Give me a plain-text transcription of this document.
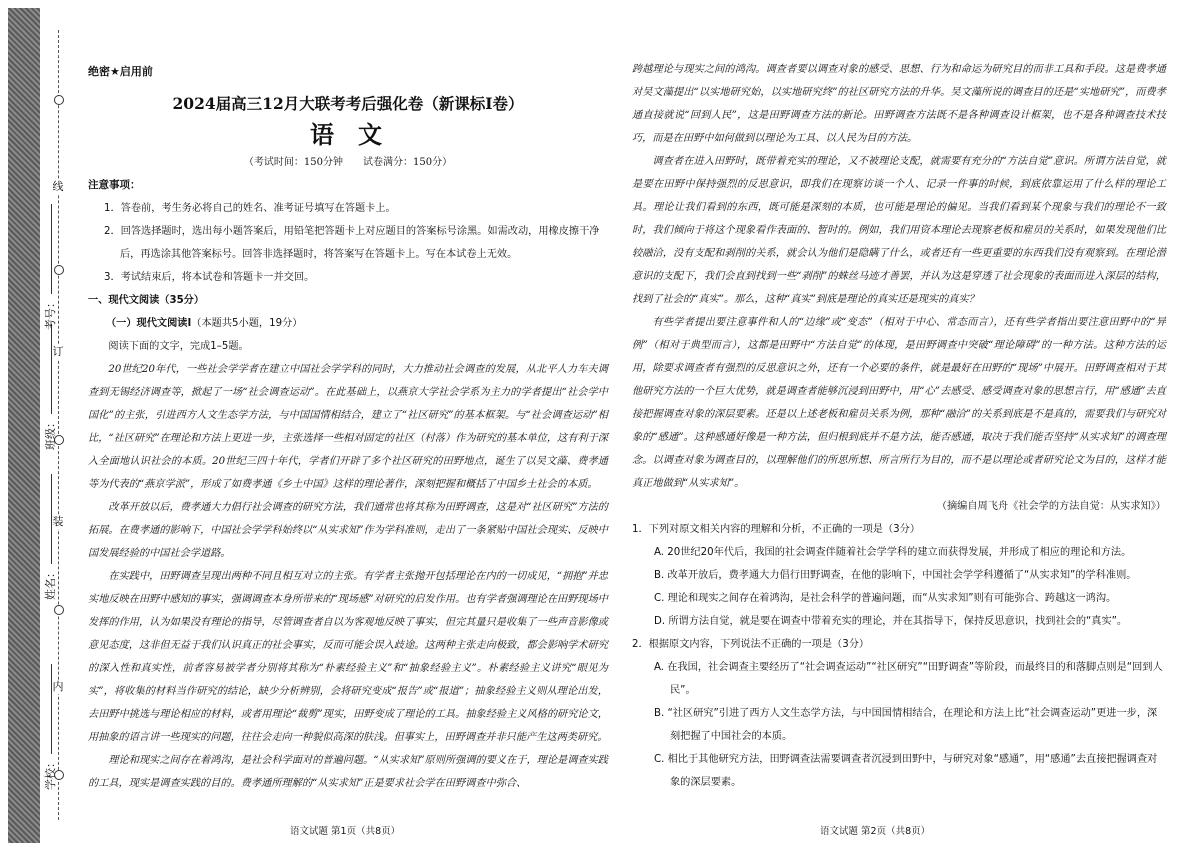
线
订
装
内
学校：
姓名：
班级：
考号：

绝密★启用前

2024届高三12月大联考考后强化卷（新课标I卷）

语文

（考试时间：150分钟　　试卷满分：150分）

注意事项：

1．答卷前，考生务必将自己的姓名、准考证号填写在答题卡上。

2．回答选择题时，选出每小题答案后，用铅笔把答题卡上对应题目的答案标号涂黑。如需改动，用橡皮擦干净后，再选涂其他答案标号。回答非选择题时，将答案写在答题卡上。写在本试卷上无效。

3．考试结束后，将本试卷和答题卡一并交回。

一、现代文阅读（35分）

（一）现代文阅读Ⅰ（本题共5小题，19分）

阅读下面的文字，完成1–5题。

20世纪20年代，一些社会学学者在建立中国社会学学科的同时，大力推动社会调查的发展，从北平人力车夫调查到无锡经济调查等，掀起了一场“社会调查运动”。在此基础上，以燕京大学社会学系为主力的学者提出“社会学中国化”的主张，引进西方人文生态学方法，与中国国情相结合，建立了“社区研究”的基本框架。与“社会调查运动”相比，“社区研究”在理论和方法上更进一步，主张选择一些相对固定的社区（村落）作为研究的基本单位，这有利于深入全面地认识社会的本质。20世纪三四十年代，学者们开辟了多个社区研究的田野地点，诞生了以吴文藻、费孝通等为代表的“燕京学派”，形成了如费孝通《乡土中国》这样的理论著作，深刻把握和概括了中国乡土社会的本质。

改革开放以后，费孝通大力倡行社会调查的研究方法，我们通常也将其称为田野调查，这是对“社区研究”方法的拓展。在费孝通的影响下，中国社会学学科始终以“从实求知”作为学科准则，走出了一条紧贴中国社会现实、反映中国发展经验的中国社会学道路。

在实践中，田野调查呈现出两种不同且相互对立的主张。有学者主张抛开包括理论在内的一切成见，“拥抱”并忠实地反映在田野中感知的事实，强调调查本身所带来的“现场感”对研究的启发作用。也有学者强调理论在田野现场中发挥的作用，认为如果没有理论的指导，尽管调查者自以为客观地反映了事实，但完其量只是收集了一些声音影像或意见态度，这非但无益于我们认识真正的社会事实，反而可能会误入歧途。这两种主张走向极致，都会影响学术研究的深入性和真实性，前者容易被学者分别将其称为“朴素经验主义”和“抽象经验主义”。朴素经验主义讲究“眼见为实”，将收集的材料当作研究的结论，缺少分析辨别，会将研究变成“报告”或“报道”；抽象经验主义则从理论出发，去田野中挑选与理论相应的材料，或者用理论“裁剪”现实，田野变成了理论的工具。抽象经验主义风格的研究论文，用抽象的语言讲一些现实的问题，往往会走向一种貌似高深的肤浅。但事实上，田野调查并非只能产生这两类研究。

理论和现实之间存在着鸿沟，是社会科学面对的普遍问题。“从实求知”原则所强调的要义在于，理论是调查实践的工具，现实是调查实践的目的。费孝通所理解的“从实求知”正是要求社会学在田野调查中弥合、

语文试题 第1页（共8页）

跨越理论与现实之间的鸿沟。调查者要以调查对象的感受、思想、行为和命运为研究目的而非工具和手段。这是费孝通对吴文藻提出“以实地研究始，以实地研究终”的社区研究方法的升华。吴文藻所说的调查目的还是“实地研究”，而费孝通直接就说“回到人民”，这是田野调查方法的新论。田野调查方法既不是各种调查设计框架，也不是各种调查技术技巧，而是在田野中如何做到以理论为工具、以人民为目的方法。

调查者在进入田野时，既带着充实的理论，又不被理论支配，就需要有充分的“方法自觉”意识。所谓方法自觉，就是要在田野中保持强烈的反思意识，即我们在现察访谈一个人、记录一件事的时候，到底依靠运用了什么样的理论工具。理论让我们看到的东西，既可能是深刻的本质，也可能是理论的偏见。当我们看到某个现象与我们的理论不一致时，我们倾向于将这个现象看作表面的、暂时的。例如，我们用资本理论去现察老板和雇员的关系时，如果发现他们比较融洽，没有支配和剥削的关系，就会认为他们是隐瞒了什么，或者还有一些更重要的东西我们没有观察到。在理论潜意识的支配下，我们会直到找到一些“剥削”的蛛丝马迹才善罢，并认为这是穿透了社会现象的表面而进入深层的结构，找到了社会的“真实”。那么，这种“真实”到底是理论的真实还是现实的真实？

有些学者提出要注意事件和人的“边缘”或“变态”（相对于中心、常态而言），还有些学者指出要注意田野中的“异例”（相对于典型而言），这都是田野中“方法自觉”的体现，是田野调查中突破“理论障碍”的一种方法。这种方法的运用，除要求调查者有强烈的反思意识之外，还有一个必要的条件，就是最好在田野的“现场”中展开。田野调查相对于其他研究方法的一个巨大优势，就是调查者能够沉浸到田野中，用“心”去感受、感受调查对象的思想言行，用“感通”去直接把握调查对象的深层要素。还是以上述老板和雇员关系为例，那种“融洽”的关系到底是不是真的，需要我们与研究对象的“感通”。这种感通好像是一种方法，但归根到底并不是方法，能否感通，取决于我们能否坚持“从实求知”的调查理念。以调查对象为调查目的，以理解他们的所思所想、所言所行为目的，而不是以理论或者研究论文为目的，这样才能真正地做到“从实求知”。

（摘编自周飞舟《社会学的方法自觉：从实求知》）

1．下列对原文相关内容的理解和分析，不正确的一项是（3分）

A. 20世纪20年代后，我国的社会调查伴随着社会学学科的建立而获得发展，并形成了相应的理论和方法。

B. 改革开放后，费孝通大力倡行田野调查，在他的影响下，中国社会学学科遵循了“从实求知”的学科准则。

C. 理论和现实之间存在着鸿沟，是社会科学的普遍问题，而“从实求知”则有可能弥合、跨越这一鸿沟。

D. 所谓方法自觉，就是要在调查中带着充实的理论，并在其指导下，保持反思意识，找到社会的“真实”。

2．根据原文内容，下列说法不正确的一项是（3分）

A. 在我国，社会调查主要经历了“社会调查运动”“社区研究”“田野调查”等阶段，而最终目的和落脚点则是“回到人民”。

B. “社区研究”引进了西方人文生态学方法，与中国国情相结合，在理论和方法上比“社会调查运动”更进一步，深刻把握了中国社会的本质。

C. 相比于其他研究方法，田野调查法需要调查者沉浸到田野中，与研究对象“感通”，用“感通”去直接把握调查对象的深层要素。

语文试题 第2页（共8页）
